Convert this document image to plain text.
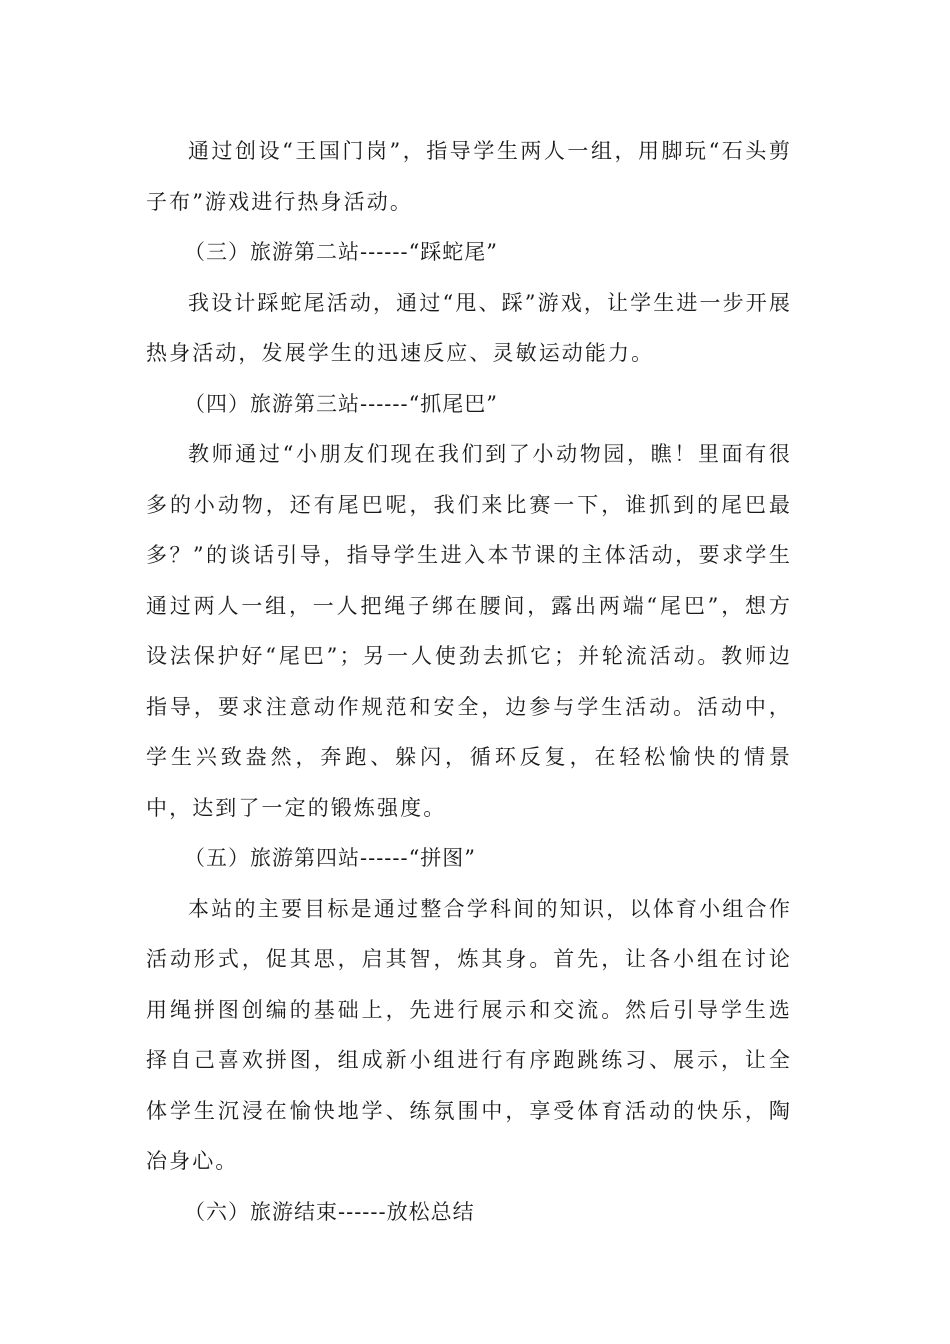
通过创设“王国门岗”，指导学生两人一组，用脚玩“石头剪子布”游戏进行热身活动。

（三）旅游第二站------“踩蛇尾”

我设计踩蛇尾活动，通过“甩、踩”游戏，让学生进一步开展热身活动，发展学生的迅速反应、灵敏运动能力。

（四）旅游第三站------“抓尾巴”

教师通过“小朋友们现在我们到了小动物园，瞧！里面有很多的小动物，还有尾巴呢，我们来比赛一下，谁抓到的尾巴最多？”的谈话引导，指导学生进入本节课的主体活动，要求学生通过两人一组，一人把绳子绑在腰间，露出两端“尾巴”，想方设法保护好“尾巴”；另一人使劲去抓它；并轮流活动。教师边指导，要求注意动作规范和安全，边参与学生活动。活动中，学生兴致盎然，奔跑、躲闪，循环反复，在轻松愉快的情景中，达到了一定的锻炼强度。

（五）旅游第四站------“拼图”

本站的主要目标是通过整合学科间的知识，以体育小组合作活动形式，促其思，启其智，炼其身。首先，让各小组在讨论用绳拼图创编的基础上，先进行展示和交流。然后引导学生选择自己喜欢拼图，组成新小组进行有序跑跳练习、展示，让全体学生沉浸在愉快地学、练氛围中，享受体育活动的快乐，陶冶身心。

（六）旅游结束------放松总结
